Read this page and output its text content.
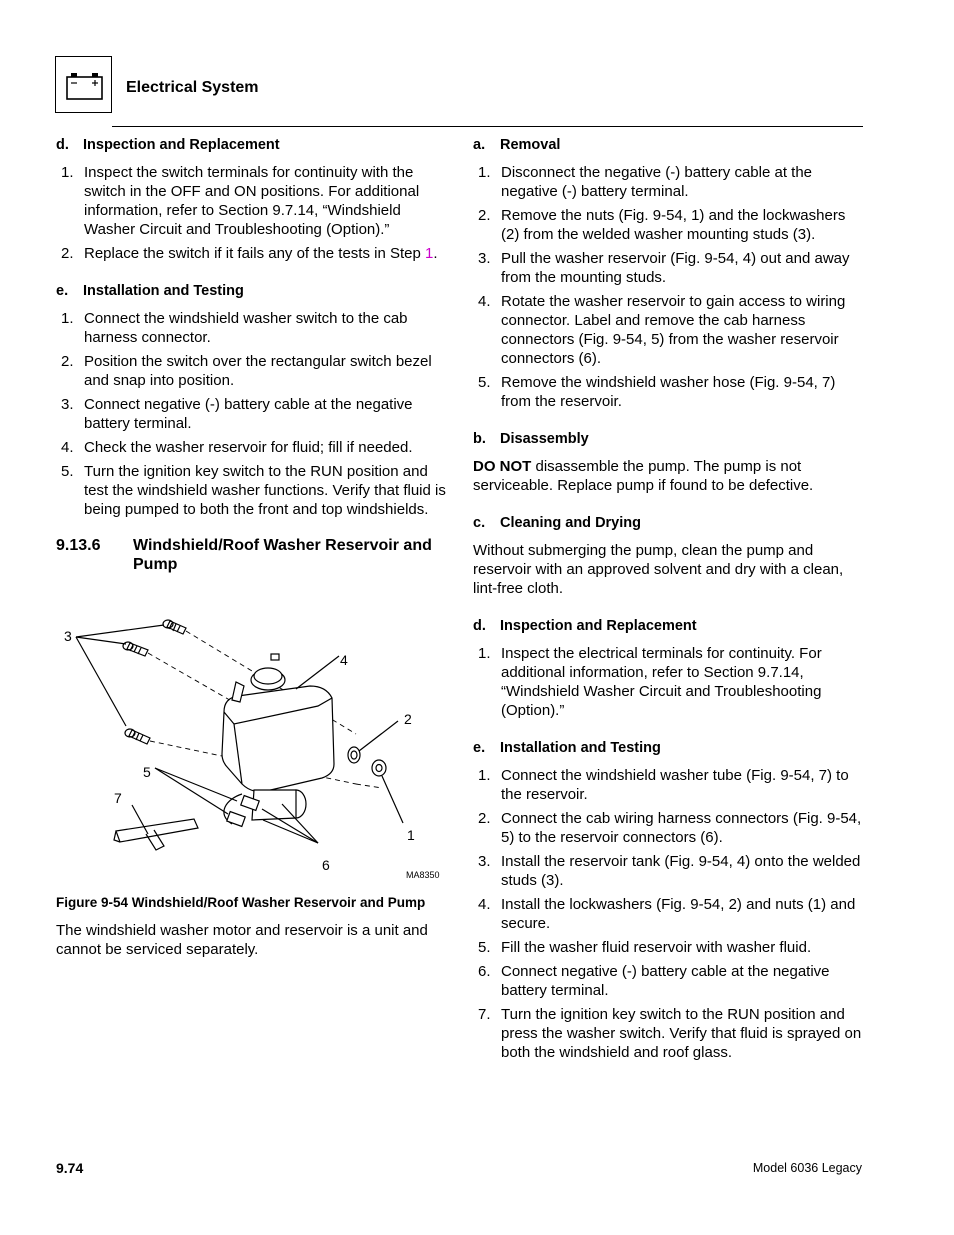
Electrical System
d. Inspection and Replacement
1. Inspect the switch terminals for continuity with the switch in the OFF and ON positions. For additional information, refer to Section 9.7.14, “Windshield Washer Circuit and Troubleshooting (Option).”
2. Replace the switch if it fails any of the tests in Step 1.
e. Installation and Testing
1. Connect the windshield washer switch to the cab harness connector.
2. Position the switch over the rectangular switch bezel and snap into position.
3. Connect negative (-) battery cable at the negative battery terminal.
4. Check the washer reservoir for fluid; fill if needed.
5. Turn the ignition key switch to the RUN position and test the windshield washer functions. Verify that fluid is being pumped to both the front and top windshields.
9.13.6	Windshield/Roof Washer Reservoir and Pump
3
4
2
5
7
1
6
MA8350
Figure 9-54 Windshield/Roof Washer Reservoir and Pump

The windshield washer motor and reservoir is a unit and cannot be serviced separately.

a. Removal
1. Disconnect the negative (-) battery cable at the negative (-) battery terminal.
2. Remove the nuts (Fig. 9-54, 1) and the lockwashers (2) from the welded washer mounting studs (3).
3. Pull the washer reservoir (Fig. 9-54, 4) out and away from the mounting studs.
4. Rotate the washer reservoir to gain access to wiring connector. Label and remove the cab harness connectors (Fig. 9-54, 5) from the washer reservoir connectors (6).
5. Remove the windshield washer hose (Fig. 9-54, 7) from the reservoir.
b. Disassembly

DO NOT disassemble the pump. The pump is not serviceable. Replace pump if found to be defective.

c. Cleaning and Drying

Without submerging the pump, clean the pump and reservoir with an approved solvent and dry with a clean, lint-free cloth.

d. Inspection and Replacement
1. Inspect the electrical terminals for continuity. For additional information, refer to Section 9.7.14, “Windshield Washer Circuit and Troubleshooting (Option).”
e. Installation and Testing
1. Connect the windshield washer tube (Fig. 9-54, 7) to the reservoir.
2. Connect the cab wiring harness connectors (Fig. 9-54, 5) to the reservoir connectors (6).
3. Install the reservoir tank (Fig. 9-54, 4) onto the welded studs (3).
4. Install the lockwashers (Fig. 9-54, 2) and nuts (1) and secure.
5. Fill the washer fluid reservoir with washer fluid.
6. Connect negative (-) battery cable at the negative battery terminal.
7. Turn the ignition key switch to the RUN position and press the washer switch. Verify that fluid is sprayed on both the windshield and roof glass.
9.74	Model 6036 Legacy
